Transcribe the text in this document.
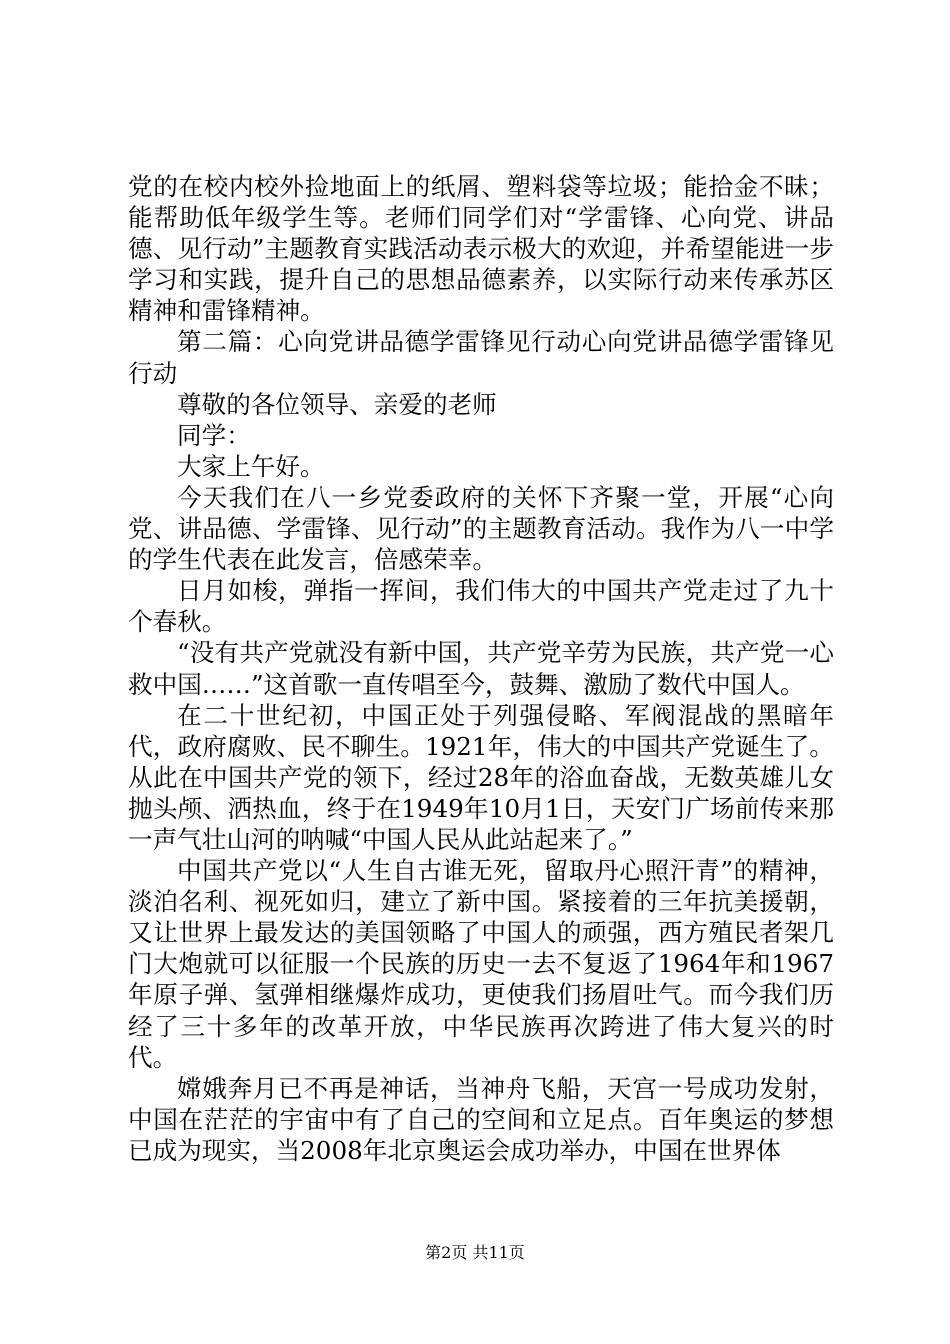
党的在校内校外捡地面上的纸屑、塑料袋等垃圾；能拾金不昧；能帮助低年级学生等。老师们同学们对“学雷锋、心向党、讲品德、见行动”主题教育实践活动表示极大的欢迎，并希望能进一步学习和实践，提升自己的思想品德素养，以实际行动来传承苏区精神和雷锋精神。

第二篇：心向党讲品德学雷锋见行动心向党讲品德学雷锋见行动

尊敬的各位领导、亲爱的老师

同学：

大家上午好。

今天我们在八一乡党委政府的关怀下齐聚一堂，开展“心向党、讲品德、学雷锋、见行动”的主题教育活动。我作为八一中学的学生代表在此发言，倍感荣幸。

日月如梭，弹指一挥间，我们伟大的中国共产党走过了九十个春秋。

“没有共产党就没有新中国，共产党辛劳为民族，共产党一心救中国……”这首歌一直传唱至今，鼓舞、激励了数代中国人。

在二十世纪初，中国正处于列强侵略、军阀混战的黑暗年代，政府腐败、民不聊生。1921年，伟大的中国共产党诞生了。从此在中国共产党的领下，经过28年的浴血奋战，无数英雄儿女抛头颅、洒热血，终于在1949年10月1日，天安门广场前传来那一声气壮山河的呐喊“中国人民从此站起来了。”

中国共产党以“人生自古谁无死，留取丹心照汗青”的精神，淡泊名利、视死如归，建立了新中国。紧接着的三年抗美援朝，又让世界上最发达的美国领略了中国人的顽强，西方殖民者架几门大炮就可以征服一个民族的历史一去不复返了1964年和1967年原子弹、氢弹相继爆炸成功，更使我们扬眉吐气。而今我们历经了三十多年的改革开放，中华民族再次跨进了伟大复兴的时代。

嫦娥奔月已不再是神话，当神舟飞船，天宫一号成功发射，中国在茫茫的宇宙中有了自己的空间和立足点。百年奥运的梦想已成为现实，当2008年北京奥运会成功举办，中国在世界体

第2页 共11页
